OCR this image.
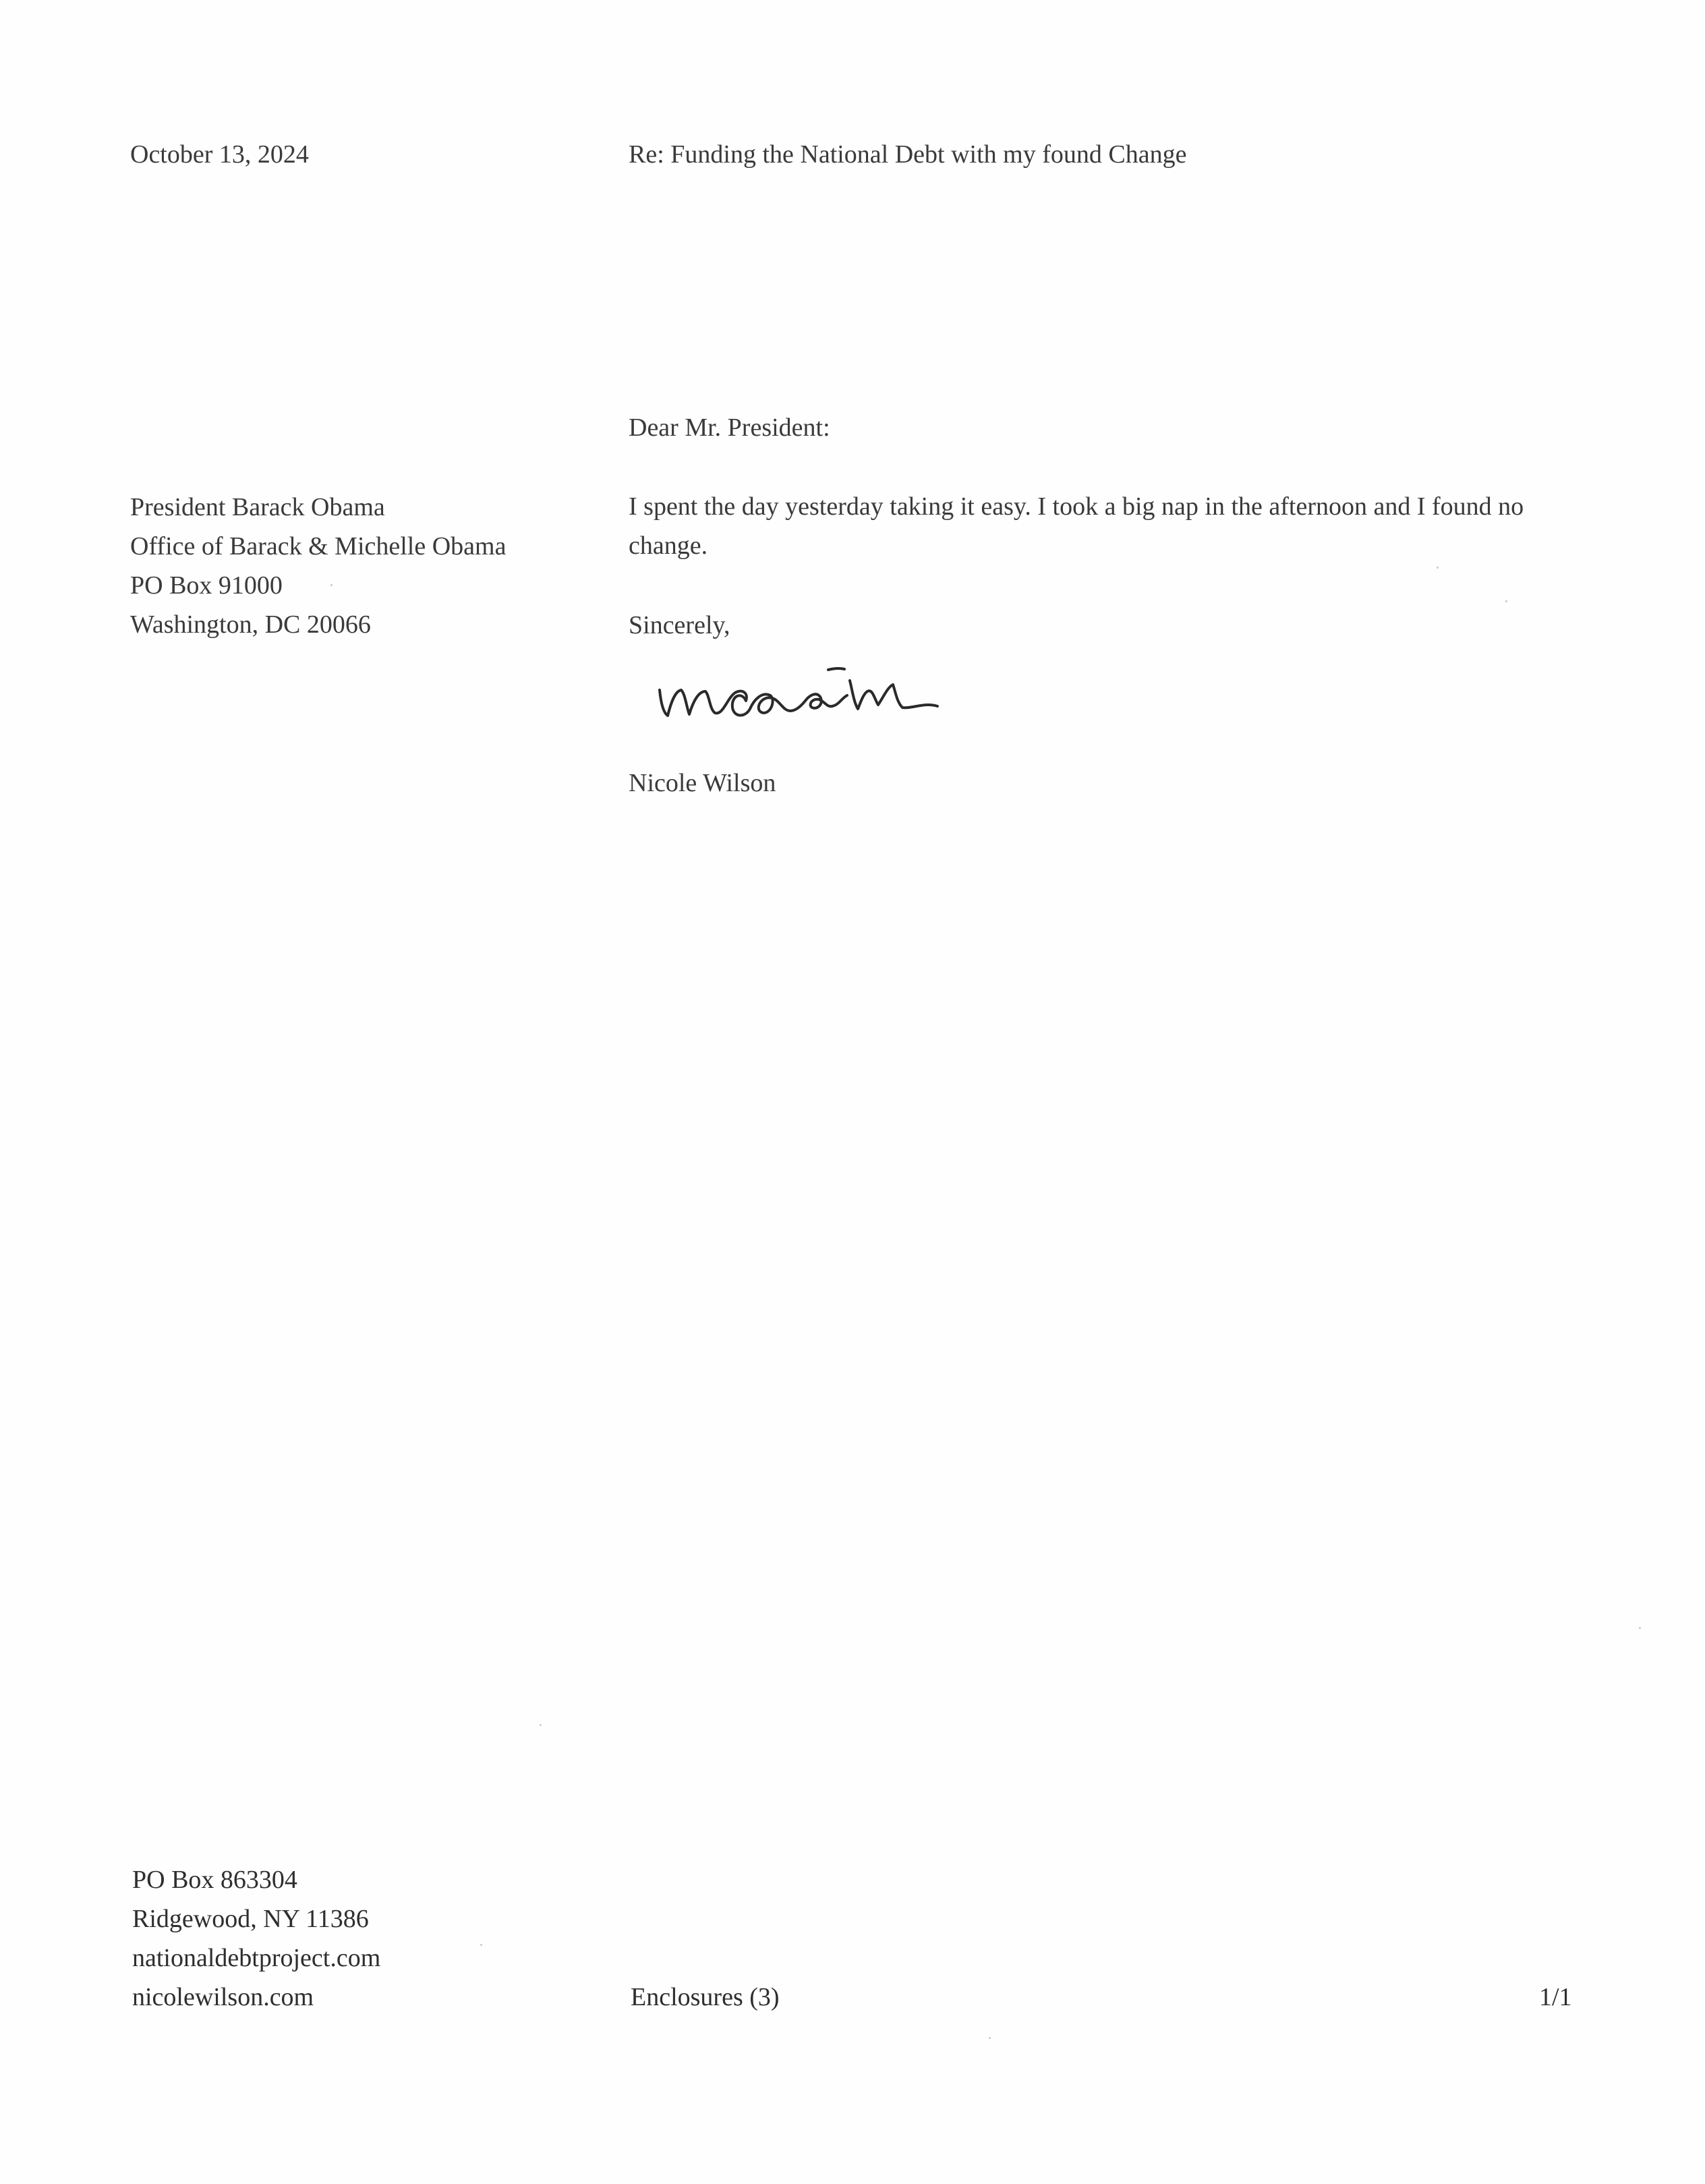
October 13, 2024	Re: Funding the National Debt with my found Change
Dear Mr. President:
President Barack Obama
Office of Barack & Michelle Obama
PO Box 91000
Washington, DC 20066
I spent the day yesterday taking it easy. I took a big nap in the afternoon and I found no change.
Sincerely,
Nicole Wilson
PO Box 863304
Ridgewood, NY 11386
nationaldebtproject.com
nicolewilson.com	Enclosures (3)	1/1
